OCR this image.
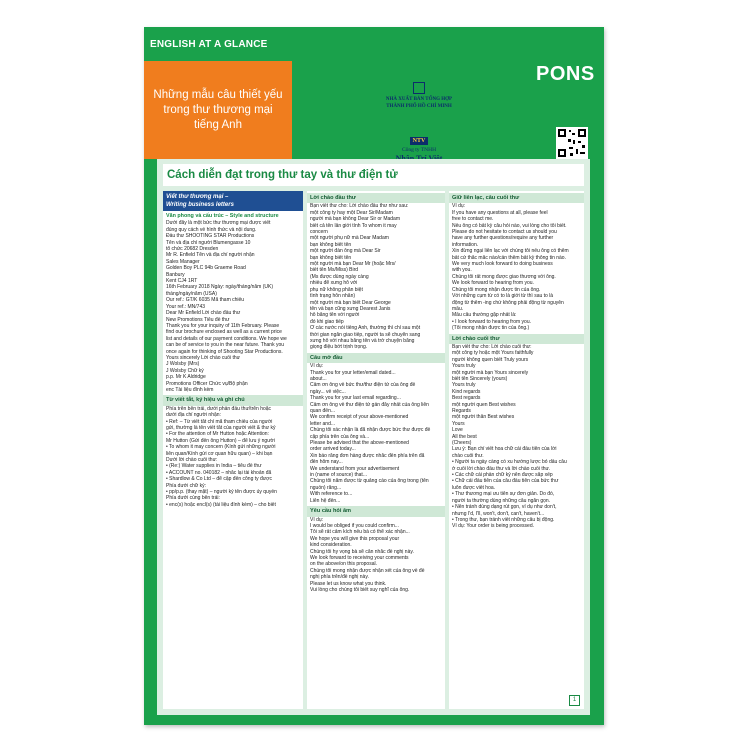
ENGLISH AT A GLANCE
Những mẫu câu thiết yếu
trong thư thương mại
tiếng Anh
NHÀ XUẤT BẢN TỔNG HỢP
THÀNH PHỐ HỒ CHÍ MINH
NTV
Công ty TNHH
PONS
Cách diễn đạt trong thư tay và thư điện tử
Viết thư thương mại –
Writing business letters
Văn phong và cấu trúc – Style and structure
Dưới đây là một bức thư thương mại được viết
đúng quy cách về hình thức và nội dung.
Đầu thư SHOOTING STAR Productions
Tên và địa chỉ người Blumengasse 10
tổ chức 20682 Dresden
Mr R. Enfield Tên và địa chỉ người nhận
Sales Manager
Golden Boy PLC 94b Graeme Road
Banbury
Kent CJ4 1RT
16th February 2018 Ngày: ngày/tháng/năm (UK)
tháng/ngày/năm (USA)
Our ref.: GT/K 6035 Mã tham chiếu
Your ref.: MN/743
Dear Mr Enfield Lời chào đầu thư
New Promotions Tiêu đề thư
Thank you for your inquiry of 11th February. Please
find our brochure enclosed as well as a current price
list and details of our payment conditions. We hope we
can be of service to you in the near future. Thank you
once again for thinking of Shooting Star Productions.
Yours sincerely Lời chào cuối thư
J Wolsby (Mrs)
J Wolsby Chữ ký
p.p. Mr K Aldridge
Promotions Officer Chức vụ/Bộ phận
enc Tài liệu đính kèm
Từ viết tắt, ký hiệu và ghi chú
Phía trên bên trái, dưới phần đầu thư/trên hoặc
dưới địa chỉ người nhận:
• Ref: – Từ viết tắt chỉ mã tham chiếu của người
gửi, thường là tên viết tắt của người viết & thư ký
• For the attention of Mr Hutton hoặc Attention:
Mr Hutton (Gửi đến ông Hutton) – để lưu ý người
• To whom it may concern (Kính gửi những người
liên quan/Kính gửi cơ quan hữu quan) – khi bạn
Dưới lời chào cuối thư:
• (Re:) Water supplies in India – tiêu đề thư
• ACCOUNT no. 040182 – nhắc lại tài khoản đã
• Shardlow & Co Ltd – để cập đến công ty được
Phía dưới chữ ký:
• pp/p.p. (thay mặt) – người ký tên được ủy quyền
Phía dưới cùng bên trái:
• enc(s) hoặc encl(s) (tài liệu đính kèm) – cho biết
Lời chào đầu thư
Bạn viết thư cho: Lời chào đầu thư như sau:
một công ty hay một Dear Sir/Madam
người mà bạn không Dear Sir or Madam
biết cả tên lẫn giới tính To whom it may
concern
một người phụ nữ mà Dear Madam
bạn không biết tên
một người đàn ông mà Dear Sir
bạn không biết tên
một người mà bạn Dear Mr (hoặc Mrs/
biết tên Ms/Miss) Bird
(Ms được dùng ngày càng
nhiều để xưng hô với
phụ nữ không phân biệt
tình trạng hôn nhân)
một người mà bạn biết Dear George
tên và bạn cũng xưng Dearest Janis
hô bằng tên với người
đó khi giao tiếp
Ở các nước nói tiếng Anh, thường thì chỉ sau một
thời gian ngắn giao tiếp, người ta sẽ chuyển sang
xưng hô với nhau bằng tên và trở chuyện bằng
giọng điệu bớt trịnh trọng.
Câu mở đầu
Ví dụ:
Thank you for your letter/email dated...
about...
Cảm ơn ông về bức thư/thư điện tử của ông đề
ngày... về việc...
Thank you for your last email regarding...
Cảm ơn ông về thư điện tử gần đây nhất của ông liên
quan đến...
We confirm receipt of your above-mentioned
letter and...
Chúng tôi xác nhận là đã nhận được bức thư được đề
cập phía trên của ông và...
Please be advised that the above-mentioned
order arrived today...
Xin báo rằng đơn hàng được nhắc đến phía trên đã
đến hôm nay...
We understand from your advertisement
in (name of source) that...
Chúng tôi nắm được từ quảng cáo của ông trong (tên
nguồn) rằng...
With reference to...
Liên hệ đến...
Yêu cầu hỏi âm
Ví dụ:
I would be obliged if you could confirm...
Tôi sẽ rất cảm kích nếu bà có thể xác nhận...
We hope you will give this proposal your
kind consideration.
Chúng tôi hy vọng bà sẽ cân nhắc đề nghị này.
We look forward to receiving your comments
on the above/on this proposal.
Chúng tôi mong nhận được nhận xét của ông về đề
nghị phía trên/đề nghị này.
Please let us know what you think.
Vui lòng cho chúng tôi biết suy nghĩ của ông.
Giữ liên lạc, câu cuối thư
Ví dụ:
If you have any questions at all, please feel
free to contact me.
Nếu ông có bất kỳ câu hỏi nào, vui lòng cho tôi biết.
Please do not hesitate to contact us should you
have any further questions/require any further
information.
Xin đừng ngại liên lạc với chúng tôi nếu ông có thêm
bất cứ thắc mắc nào/cần thêm bất kỳ thông tin nào.
We very much look forward to doing business
with you.
Chúng tôi rất mong được giao thương với ông.
We look forward to hearing from you.
Chúng tôi mong nhận được tin của ông.
Với những cụm từ có to là giới từ thì sau to là
động từ thêm -ing chứ không phải động từ nguyên
mẫu.
Mẫu câu thường gặp nhất là:
• I look forward to hearing from you.
(Tôi mong nhận được tin của ông.)
Lời chào cuối thư
Bạn viết thư cho: Lời chào cuối thư:
một công ty hoặc một Yours faithfully
người không quen biết Truly yours
Yours truly
một người mà bạn Yours sincerely
biết tên Sincerely (yours)
Yours truly
Kind regards
Best regards
một người quen Best wishes
Regards
một người thân Best wishes
Yours
Love
All the best
(Cheers)
Lưu ý: Bạn chỉ viết hoa chữ cái đầu tiên của lời
chào cuối thư.
• Người ta ngày càng có xu hướng lược bỏ dấu câu
ở cuối lời chào đầu thư và lời chào cuối thư.
• Các chữ cái phần chữ ký nên được sắp xếp
• Chữ cái đầu tiên của câu đầu tiên của bức thư
luôn được viết hoa.
• Thư thương mại ưu tiên sự đơn giản. Do đó,
người ta thường dùng những câu ngắn gọn.
• Nên tránh dùng dạng rút gọn, ví dụ như don't,
nhưng I'd, I'll, won't, don't, can't, haven't...
• Trong thư, bạn tránh viết những câu bị động.
Ví dụ: Your order is being processed.
1
